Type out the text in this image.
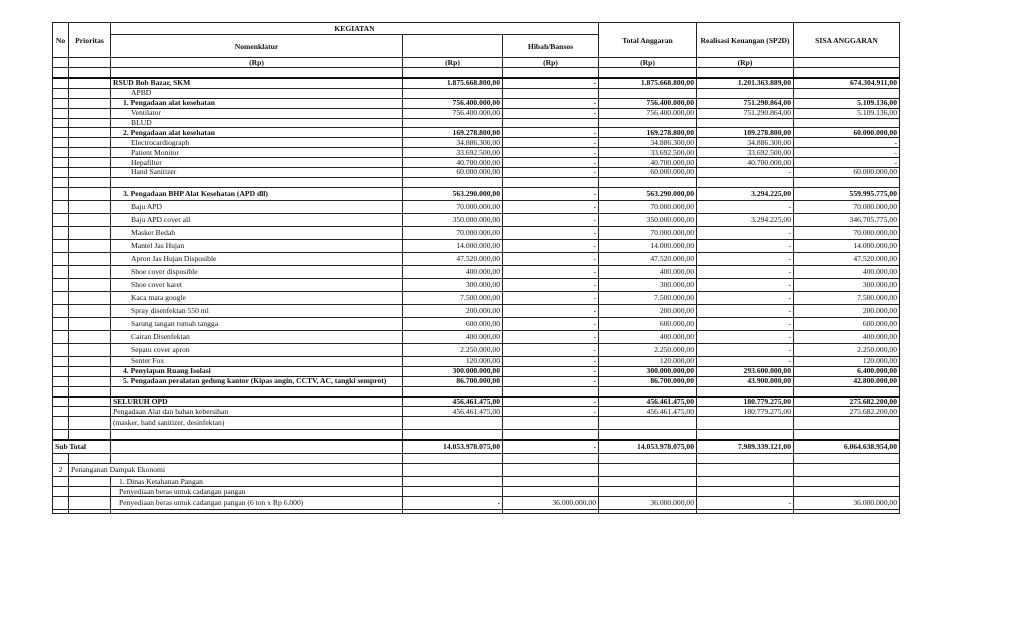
No	Prioritas	KEGIATAN			Total Anggaran	Realisasi Keuangan (SP2D)	SISA ANGGARAN
		Nomenklatur		Hibah/Bansos			
		(Rp)	(Rp)	(Rp)	(Rp)	(Rp)	

		RSUD Bob Bazar, SKM	1.875.668.800,00	-	1.875.668.800,00	1.201.363.889,00	674.304.911,00
		APBD					
		1. Pengadaan alat kesehatan	756.400.000,00	-	756.400.000,00	751.290.864,00	5.109.136,00
		Ventilator	756.400.000,00	-	756.400.000,00	751.290.864,00	5.109.136,00
		BLUD					
		2. Pengadaan alat kesehatan	169.278.800,00	-	169.278.800,00	109.278.800,00	60.000.000,00
		Electrocardiograph	34.886.300,00	-	34.886.300,00	34.886.300,00	-
		Patient Monitor	33.692.500,00	-	33.692.500,00	33.692.500,00	-
		Hepafilter	40.700.000,00	-	40.700.000,00	40.700.000,00	-
		Hand Sanitizer	60.000.000,00	-	60.000.000,00	-	60.000.000,00

		3. Pengadaan BHP Alat Kesehatan (APD dll)	563.290.000,00	-	563.290.000,00	3.294.225,00	559.995.775,00
		Baju APD	70.000.000,00	-	70.000.000,00	-	70.000.000,00
		Baju APD cover all	350.000.000,00	-	350.000.000,00	3.294.225,00	346.705.775,00
		Masker Bedah	70.000.000,00	-	70.000.000,00	-	70.000.000,00
		Mantel Jas Hujan	14.000.000,00	-	14.000.000,00	-	14.000.000,00
		Apron Jas Hujan Disposible	47.520.000,00	-	47.520.000,00	-	47.520.000,00
		Shoe cover disposible	400.000,00	-	400.000,00	-	400.000,00
		Shoe cover karet	300.000,00	-	300.000,00	-	300.000,00
		Kaca mata google	7.500.000,00	-	7.500.000,00	-	7.500.000,00
		Spray disenfektan 550 ml	200.000,00	-	200.000,00	-	200.000,00
		Sarung tangan rumah tangga	600.000,00	-	600.000,00	-	600.000,00
		Cairan Disenfektan	400.000,00	-	400.000,00	-	400.000,00
		Sepatu cover apron	2.250.000,00	-	2.250.000,00	-	2.250.000,00
		Senter Fox	120.000,00	-	120.000,00	-	120.000,00
		4. Penyiapan Ruang Isolasi	300.000.000,00	-	300.000.000,00	293.600.000,00	6.400.000,00
		5. Pengadaan peralatan gedung kantor (Kipas angin, CCTV, AC, tangki semprot)	86.700.000,00	-	86.700.000,00	43.900.000,00	42.800.000,00

		SELURUH OPD	456.461.475,00	-	456.461.475,00	180.779.275,00	275.682.200,00
		Pengadaan Alat dan bahan kebersihan	456.461.475,00	-	456.461.475,00	180.779.275,00	275.682.200,00
		(masker, hand sanitizer, desinfektan)					

Sub Total			14.053.978.075,00	-	14.053.978.075,00	7.989.339.121,00	6.064.638.954,00

2	Penanganan Dampak Ekonomi						
		1. Dinas Ketahanan Pangan					
		Penyediaan beras untuk cadangan pangan					
		Penyediaan beras untuk cadangan pangan (6 ton x Rp 6.000)	-	36.000.000,00	36.000.000,00	-	36.000.000,00
